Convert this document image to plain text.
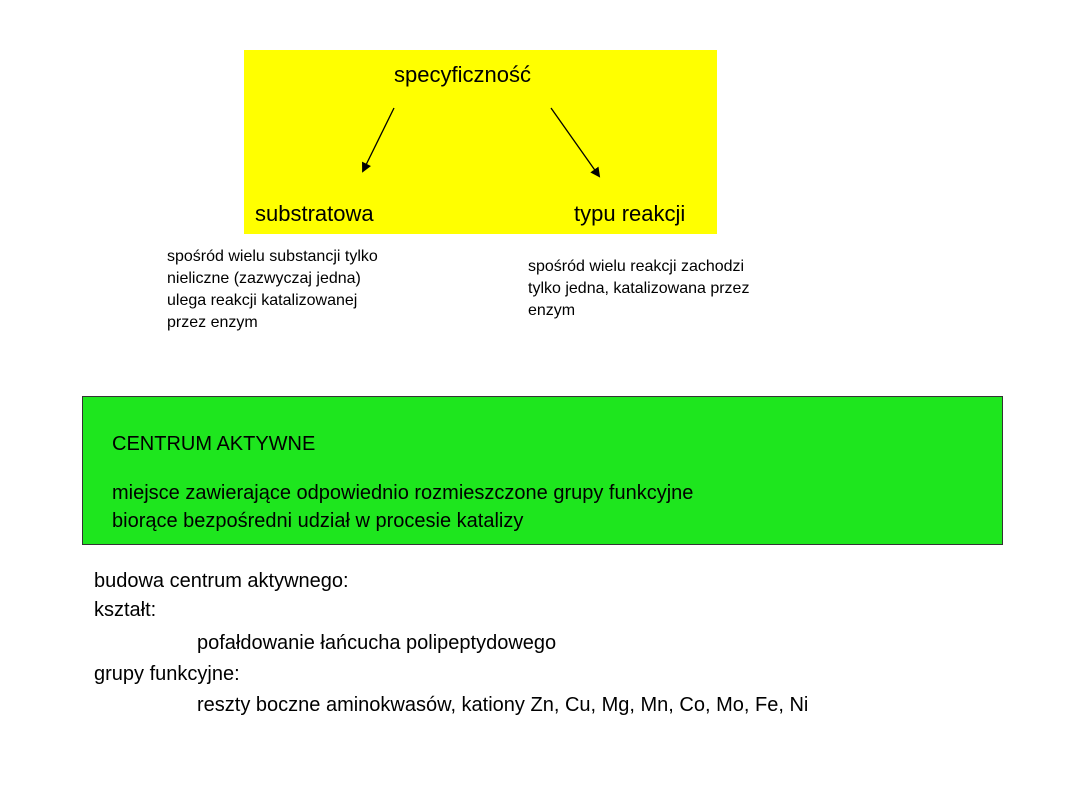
specyficzność
substratowa	typu reakcji
spośród wielu substancji tylko
nieliczne (zazwyczaj jedna)
ulega reakcji katalizowanej
przez enzym
spośród wielu reakcji zachodzi
tylko jedna, katalizowana przez
enzym
CENTRUM AKTYWNE
miejsce zawierające odpowiednio rozmieszczone grupy funkcyjne
biorące bezpośredni udział w procesie katalizy
budowa centrum aktywnego:
kształt:
pofałdowanie łańcucha polipeptydowego
grupy funkcyjne:
reszty boczne aminokwasów, kationy Zn, Cu, Mg, Mn, Co, Mo, Fe, Ni
